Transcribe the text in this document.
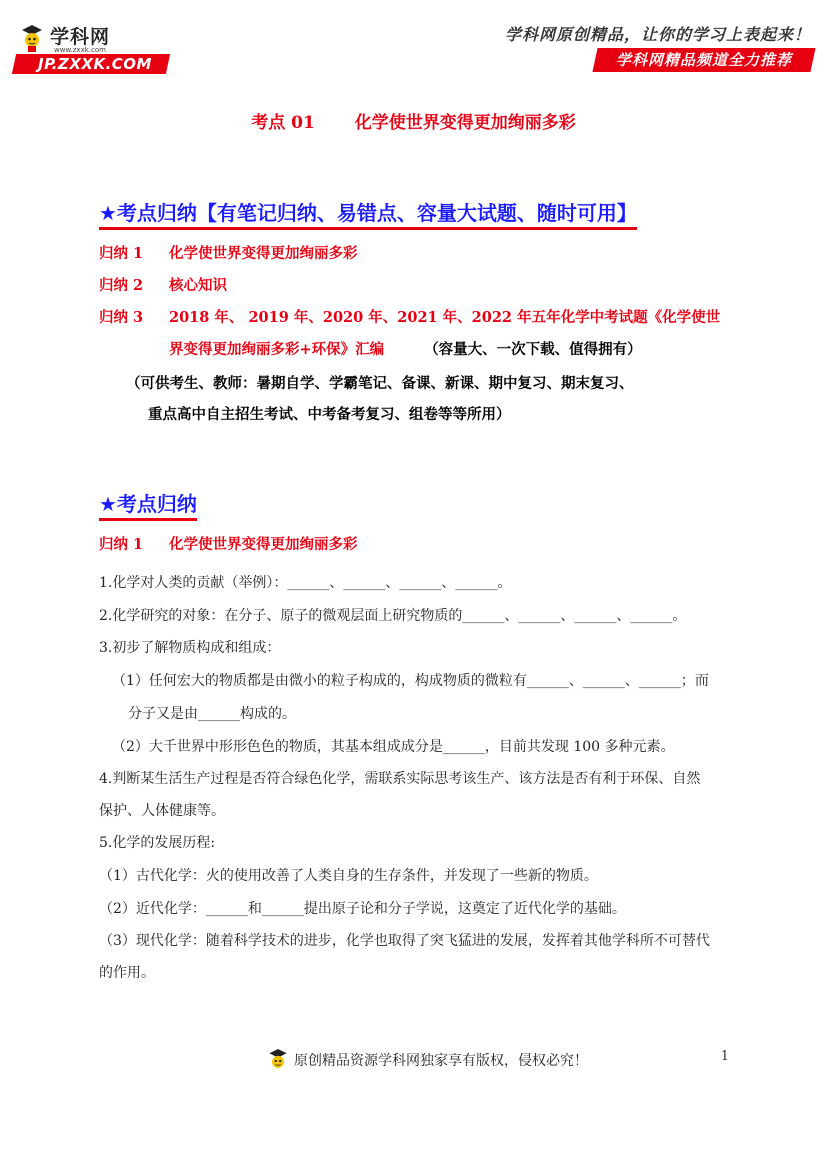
学科网
www.zxxk.com
JP.ZXXK.COM
学科网原创精品，让你的学习上表起来！
学科网精品频道全力推荐
考点 01 化学使世界变得更加绚丽多彩
★考点归纳【有笔记归纳、易错点、容量大试题、随时可用】
归纳 1 化学使世界变得更加绚丽多彩
归纳 2 核心知识
归纳 3 2018 年、 2019 年、2020 年、2021 年、2022 年五年化学中考试题《化学使世
界变得更加绚丽多彩+环保》汇编	（容量大、一次下载、值得拥有）
（可供考生、教师：暑期自学、学霸笔记、备课、新课、期中复习、期末复习、
重点高中自主招生考试、中考备考复习、组卷等等所用）
★考点归纳
归纳 1 化学使世界变得更加绚丽多彩
1.化学对人类的贡献（举例）：______、______、______、______。
2.化学研究的对象：在分子、原子的微观层面上研究物质的______、______、______、______。
3.初步了解物质构成和组成：
（1）任何宏大的物质都是由微小的粒子构成的，构成物质的微粒有______、______、______；而
分子又是由______构成的。
（2）大千世界中形形色色的物质，其基本组成成分是______，目前共发现 100 多种元素。
4.判断某生活生产过程是否符合绿色化学，需联系实际思考该生产、该方法是否有利于环保、自然
保护、人体健康等。
5.化学的发展历程:
（1）古代化学：火的使用改善了人类自身的生存条件，并发现了一些新的物质。
（2）近代化学：______和______提出原子论和分子学说，这奠定了近代化学的基础。
（3）现代化学：随着科学技术的进步，化学也取得了突飞猛进的发展，发挥着其他学科所不可替代
的作用。
1
原创精品资源学科网独家享有版权，侵权必究！
